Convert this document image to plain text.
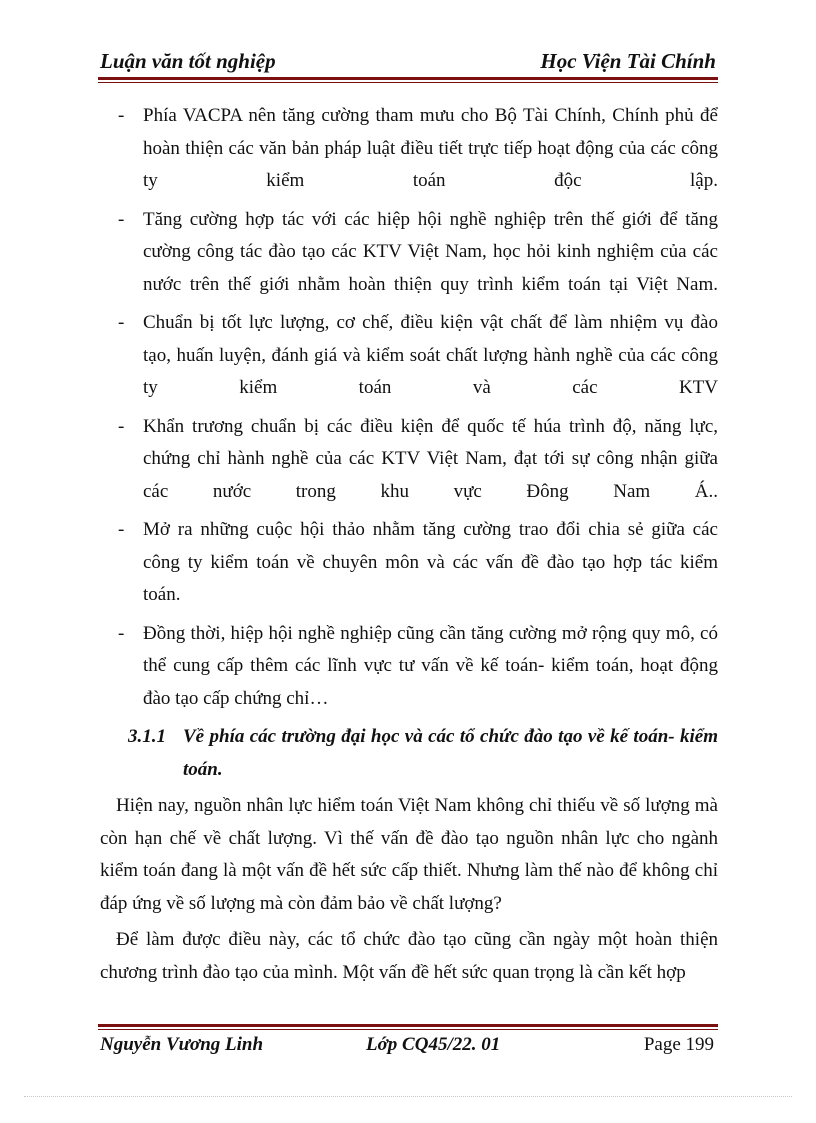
Luận văn tốt nghiệp	Học Viện Tài Chính
- Phía VACPA nên tăng cường tham mưu cho Bộ Tài Chính, Chính phủ để

hoàn thiện các văn bản pháp luật điều tiết trực tiếp hoạt động của các công

ty kiểm toán độc lập.

- Tăng cường hợp tác với các hiệp hội nghề nghiệp trên thế giới để tăng

cường công tác đào tạo các KTV Việt Nam, học hỏi kinh nghiệm của các

nước trên thế giới nhằm hoàn thiện quy trình kiểm toán tại Việt Nam.

- Chuẩn bị tốt lực lượng, cơ chế, điều kiện vật chất để làm nhiệm vụ đào

tạo, huấn luyện, đánh giá và kiểm soát chất lượng hành nghề của các công

ty kiểm toán và các KTV

- Khẩn trương chuẩn bị các điều kiện để quốc tế húa trình độ, năng lực,

chứng chỉ hành nghề của các KTV Việt Nam, đạt tới sự công nhận giữa

các nước trong khu vực Đông Nam Á..

- Mở ra những cuộc hội thảo nhằm tăng cường trao đổi chia sẻ giữa các

công ty kiểm toán về chuyên môn và các vấn đề đào tạo hợp tác kiểm

toán.

- Đồng thời, hiệp hội nghề nghiệp cũng cần tăng cường mở rộng quy mô, có

thể cung cấp thêm các lĩnh vực tư vấn về kế toán- kiểm toán, hoạt động

đào tạo cấp chứng chỉ…

3.1.1 Về phía các trường đại học và các tổ chức đào tạo về kế toán- kiểm toán.

Hiện nay, nguồn nhân lực hiểm toán Việt Nam không chỉ thiếu về số lượng mà còn hạn chế về chất lượng. Vì thế vấn đề đào tạo nguồn nhân lực cho ngành kiểm toán đang là một vấn đề hết sức cấp thiết. Nhưng làm thế nào để không chỉ đáp ứng về số lượng mà còn đảm bảo về chất lượng?

Để làm được điều này, các tổ chức đào tạo cũng cần ngày một hoàn thiện chương trình đào tạo của mình. Một vấn đề hết sức quan trọng là cần kết hợp

Nguyễn Vương Linh	Lớp CQ45/22. 01	Page 199
